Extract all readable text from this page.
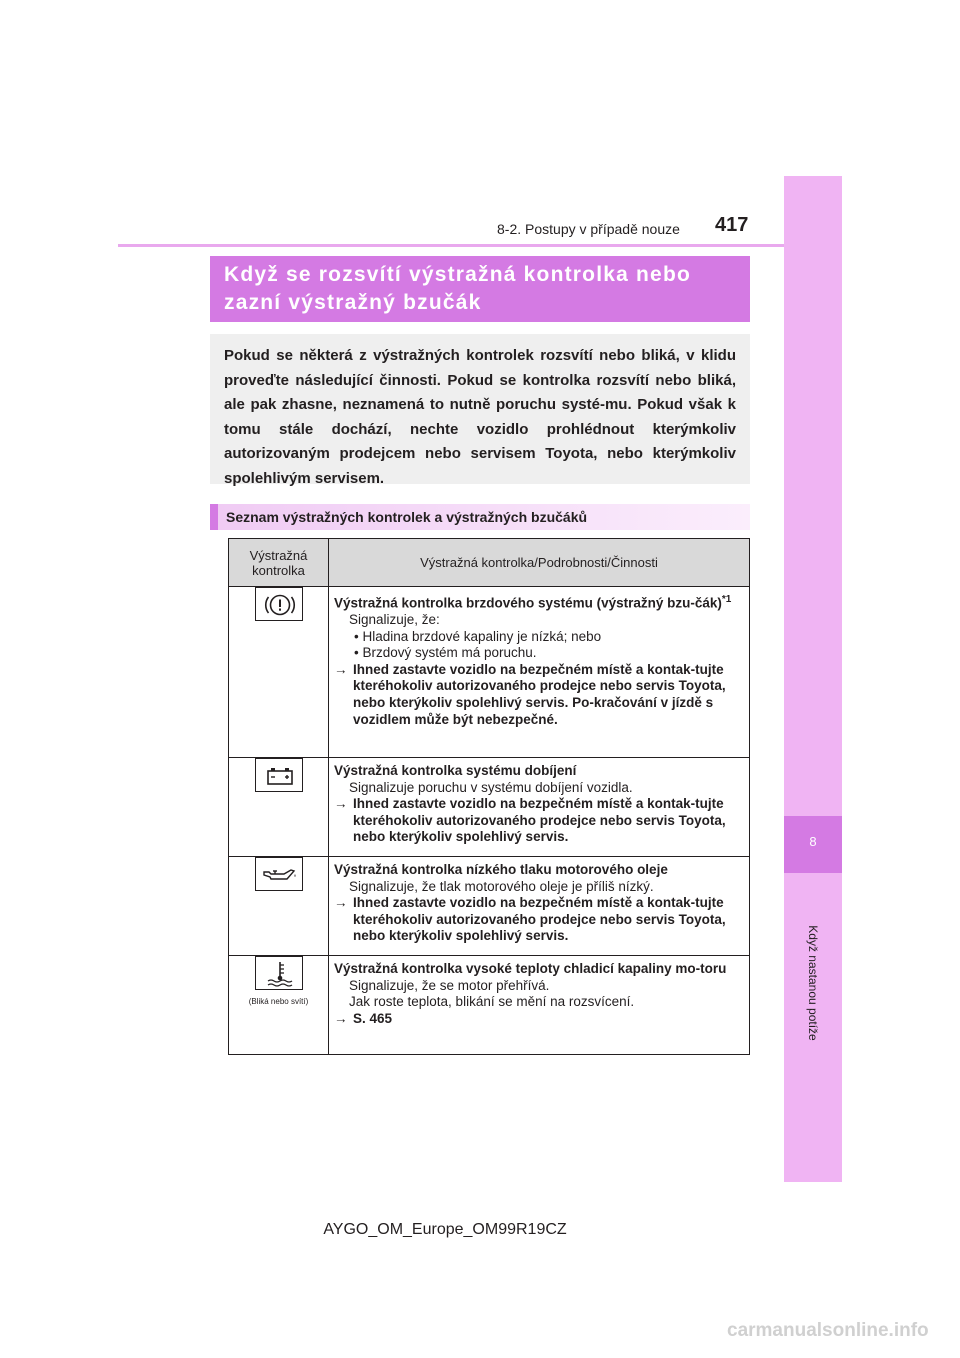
8-2. Postupy v případě nouze 417
8
Když nastanou potíže
Když se rozsvítí výstražná kontrolka nebo
zazní výstražný bzučák

Pokud se některá z výstražných kontrolek rozsvítí nebo bliká, v klidu proveďte následující činnosti. Pokud se kontrolka rozsvítí nebo bliká, ale pak zhasne, neznamená to nutně poruchu systé-mu. Pokud však k tomu stále dochází, nechte vozidlo prohlédnout kterýmkoliv autorizovaným prodejcem nebo servisem Toyota, nebo kterýmkoliv spolehlivým servisem.

Seznam výstražných kontrolek a výstražných bzučáků
Výstražná kontrolka	Výstražná kontrolka/Podrobnosti/Činnosti

Výstražná kontrolka brzdového systému (výstražný bzu-čák)$^{*1}$
Signalizuje, že:
• Hladina brzdové kapaliny je nízká; nebo
• Brzdový systém má poruchu.
→ Ihned zastavte vozidlo na bezpečném místě a kontak-tujte kteréhokoliv autorizovaného prodejce nebo servis Toyota, nebo kterýkoliv spolehlivý servis. Po-kračování v jízdě s vozidlem může být nebezpečné.

Výstražná kontrolka systému dobíjení
Signalizuje poruchu v systému dobíjení vozidla.
→ Ihned zastavte vozidlo na bezpečném místě a kontak-tujte kteréhokoliv autorizovaného prodejce nebo servis Toyota, nebo kterýkoliv spolehlivý servis.

Výstražná kontrolka nízkého tlaku motorového oleje
Signalizuje, že tlak motorového oleje je příliš nízký.
→ Ihned zastavte vozidlo na bezpečném místě a kontak-tujte kteréhokoliv autorizovaného prodejce nebo servis Toyota, nebo kterýkoliv spolehlivý servis.

(Bliká nebo svítí)	Výstražná kontrolka vysoké teploty chladicí kapaliny mo-toru
Signalizuje, že se motor přehřívá.
Jak roste teplota, blikání se mění na rozsvícení.
→ S. 465
AYGO_OM_Europe_OM99R19CZ
carmanualsonline.info
